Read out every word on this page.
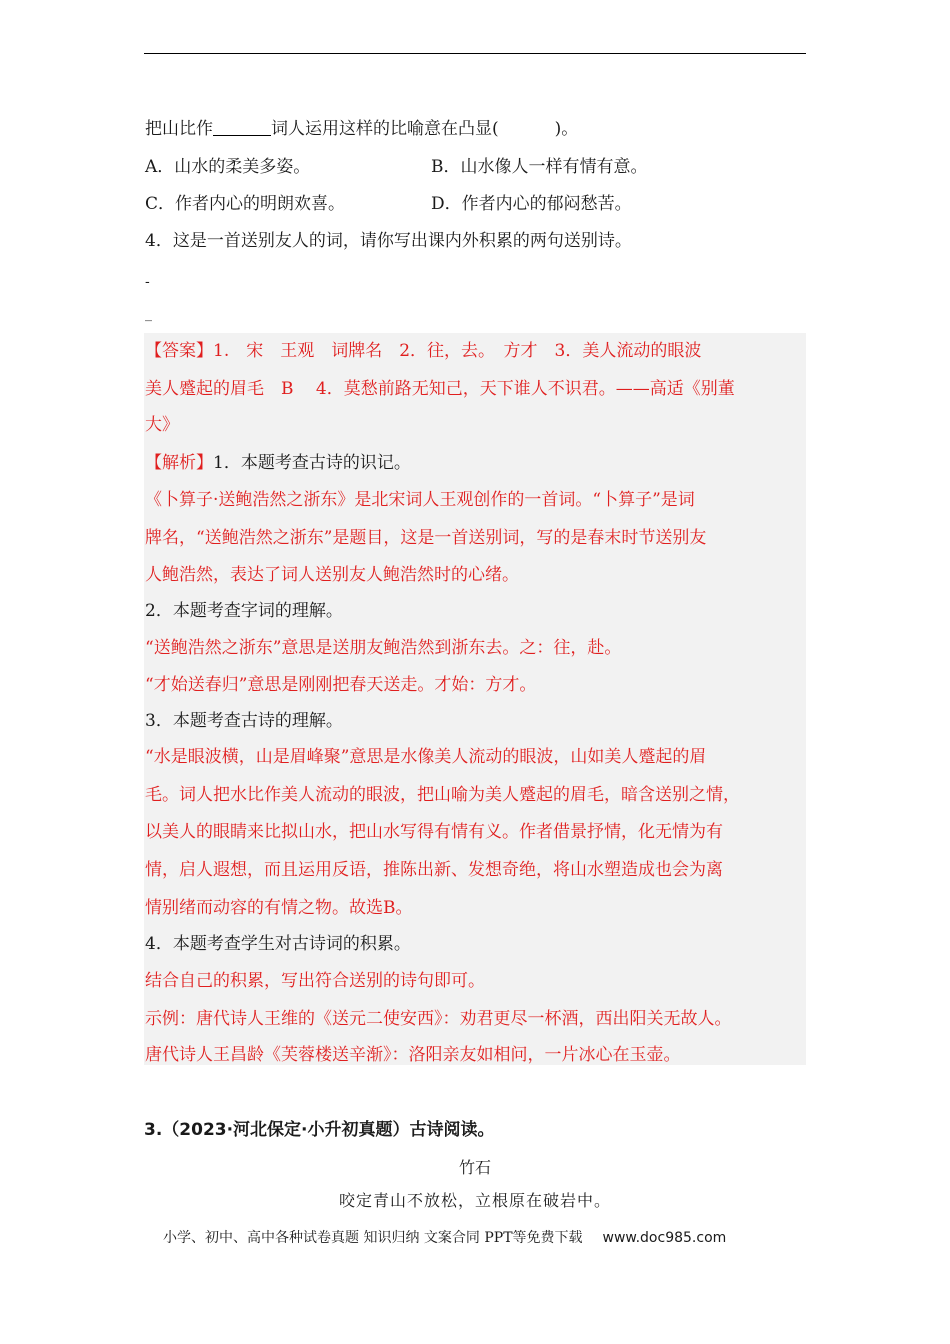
把山比作	词人运用这样的比喻意在凸显(	)。
A．山水的柔美多姿。	B．山水像人一样有情有意。
C．作者内心的明朗欢喜。	D．作者内心的郁闷愁苦。
4．这是一首送别友人的词，请你写出课内外积累的两句送别诗。
-
_
【答案】1.　宋　王观　词牌名　2．往，去。　方才　3．美人流动的眼波
美人蹙起的眉毛　B　 4．莫愁前路无知己，天下谁人不识君。——高适《别董
大》
【解析】1．本题考查古诗的识记。
《卜算子·送鲍浩然之浙东》是北宋词人王观创作的一首词。“卜算子”是词
牌名，“送鲍浩然之浙东”是题目，这是一首送别词，写的是春末时节送别友
人鲍浩然，表达了词人送别友人鲍浩然时的心绪。
2．本题考查字词的理解。
“送鲍浩然之浙东”意思是送朋友鲍浩然到浙东去。之：往，赴。
“才始送春归”意思是刚刚把春天送走。才始：方才。
3．本题考查古诗的理解。
“水是眼波横，山是眉峰聚”意思是水像美人流动的眼波，山如美人蹙起的眉
毛。词人把水比作美人流动的眼波，把山喻为美人蹙起的眉毛，暗含送别之情，
以美人的眼睛来比拟山水，把山水写得有情有义。作者借景抒情，化无情为有
情，启人遐想，而且运用反语，推陈出新、发想奇绝，将山水塑造成也会为离
情别绪而动容的有情之物。故选B。
4．本题考查学生对古诗词的积累。
结合自己的积累，写出符合送别的诗句即可。
示例：唐代诗人王维的《送元二使安西》：劝君更尽一杯酒，西出阳关无故人。
唐代诗人王昌龄《芙蓉楼送辛渐》：洛阳亲友如相问，一片冰心在玉壶。
3.（2023·河北保定·小升初真题）古诗阅读。
竹石
咬定青山不放松，立根原在破岩中。
小学、初中、高中各种试卷真题 知识归纳 文案合同 PPT等免费下载 www.doc985.com
